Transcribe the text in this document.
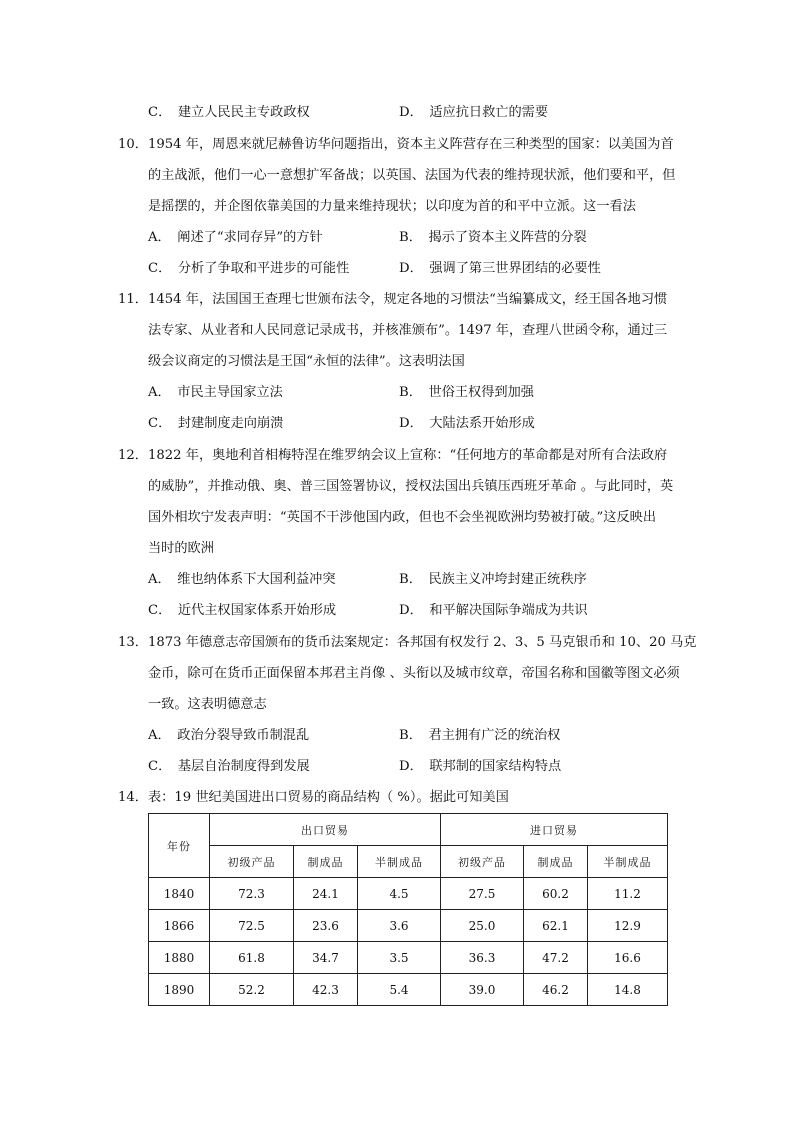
C．　建立人民民主专政政权	D．　适应抗日救亡的需要
10． 1954 年，周恩来就尼赫鲁访华问题指出，资本主义阵营存在三种类型的国家：以美国为首
的主战派，他们一心一意想扩军备战；以英国、法国为代表的维持现状派，他们要和平，但
是摇摆的，并企图依靠美国的力量来维持现状；以印度为首的和平中立派。这一看法
A．　阐述了“求同存异”的方针	B．　揭示了资本主义阵营的分裂
C．　分析了争取和平进步的可能性	D．　强调了第三世界团结的必要性
11． 1454 年，法国国王查理七世颁布法令，规定各地的习惯法“当编纂成文，经王国各地习惯
法专家、从业者和人民同意记录成书，并核准颁布”。1497 年，查理八世函令称，通过三
级会议商定的习惯法是王国“永恒的法律”。这表明法国
A．　市民主导国家立法	B．　世俗王权得到加强
C．　封建制度走向崩溃	D．　大陆法系开始形成
12． 1822 年，奥地利首相梅特涅在维罗纳会议上宣称：“任何地方的革命都是对所有合法政府
的威胁”，并推动俄、奥、普三国签署协议，授权法国出兵镇压西班牙革命 。与此同时，英
国外相坎宁发表声明：“英国不干涉他国内政，但也不会坐视欧洲均势被打破。”这反映出
当时的欧洲
A．　维也纳体系下大国利益冲突	B．　民族主义冲垮封建正统秩序
C．　近代主权国家体系开始形成	D．　和平解决国际争端成为共识
13． 1873 年德意志帝国颁布的货币法案规定：各邦国有权发行 2、3、5 马克银币和 10、20 马克
金币，除可在货币正面保留本邦君主肖像 、头衔以及城市纹章，帝国名称和国徽等图文必须
一致。这表明德意志
A．　政治分裂导致币制混乱	B．　君主拥有广泛的统治权
C．　基层自治制度得到发展	D．　联邦制的国家结构特点
14． 表：19 世纪美国进出口贸易的商品结构（ %）。据此可知美国
年份	出口贸易			进口贸易		
	初级产品	制成品	半制成品	初级产品	制成品	半制成品
1840	72.3	24.1	4.5	27.5	60.2	11.2
1866	72.5	23.6	3.6	25.0	62.1	12.9
1880	61.8	34.7	3.5	36.3	47.2	16.6
1890	52.2	42.3	5.4	39.0	46.2	14.8
